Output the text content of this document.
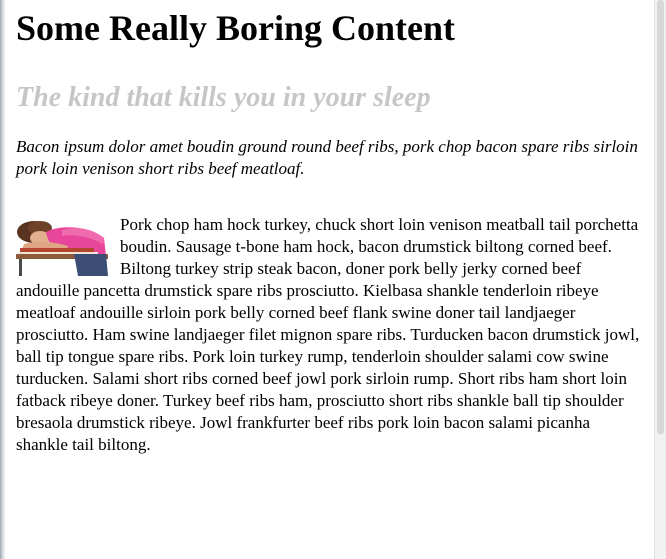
Some Really Boring Content
The kind that kills you in your sleep

Bacon ipsum dolor amet boudin ground round beef ribs, pork chop bacon spare ribs sirloin pork loin venison short ribs beef meatloaf.

Pork chop ham hock turkey, chuck short loin venison meatball tail porchetta boudin. Sausage t-bone ham hock, bacon drumstick biltong corned beef. Biltong turkey strip steak bacon, doner pork belly jerky corned beef andouille pancetta drumstick spare ribs prosciutto. Kielbasa shankle tenderloin ribeye meatloaf andouille sirloin pork belly corned beef flank swine doner tail landjaeger prosciutto. Ham swine landjaeger filet mignon spare ribs. Turducken bacon drumstick jowl, ball tip tongue spare ribs. Pork loin turkey rump, tenderloin shoulder salami cow swine turducken. Salami short ribs corned beef jowl pork sirloin rump. Short ribs ham short loin fatback ribeye doner. Turkey beef ribs ham, prosciutto short ribs shankle ball tip shoulder bresaola drumstick ribeye. Jowl frankfurter beef ribs pork loin bacon salami picanha shankle tail biltong.
